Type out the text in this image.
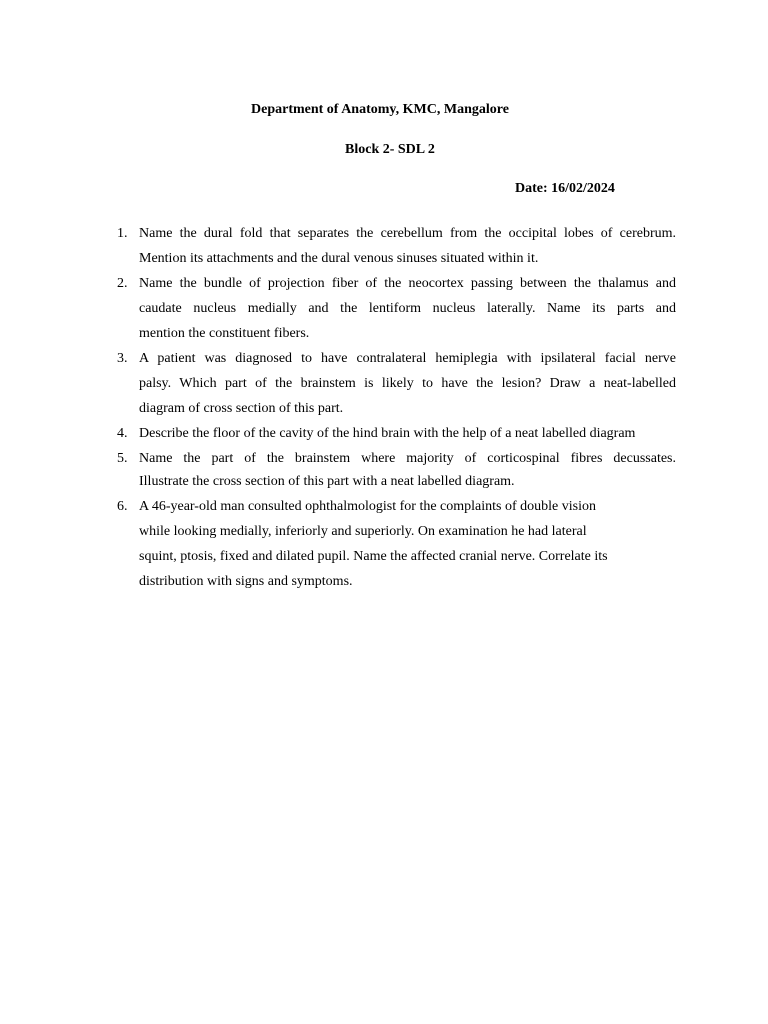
Department of Anatomy, KMC, Mangalore
Block 2- SDL 2
Date: 16/02/2024
1. Name the dural fold that separates the cerebellum from the occipital lobes of cerebrum.
Mention its attachments and the dural venous sinuses situated within it.
2. Name the bundle of projection fiber of the neocortex passing between the thalamus and
caudate nucleus medially and the lentiform nucleus laterally. Name its parts and
mention the constituent fibers.
3. A patient was diagnosed to have contralateral hemiplegia with ipsilateral facial nerve
palsy. Which part of the brainstem is likely to have the lesion? Draw a neat-labelled
diagram of cross section of this part.
4. Describe the floor of the cavity of the hind brain with the help of a neat labelled diagram
5. Name the part of the brainstem where majority of corticospinal fibres decussates.
Illustrate the cross section of this part with a neat labelled diagram.
6. A 46-year-old man consulted ophthalmologist for the complaints of double vision
while looking medially, inferiorly and superiorly. On examination he had lateral
squint, ptosis, fixed and dilated pupil. Name the affected cranial nerve. Correlate its
distribution with signs and symptoms.
